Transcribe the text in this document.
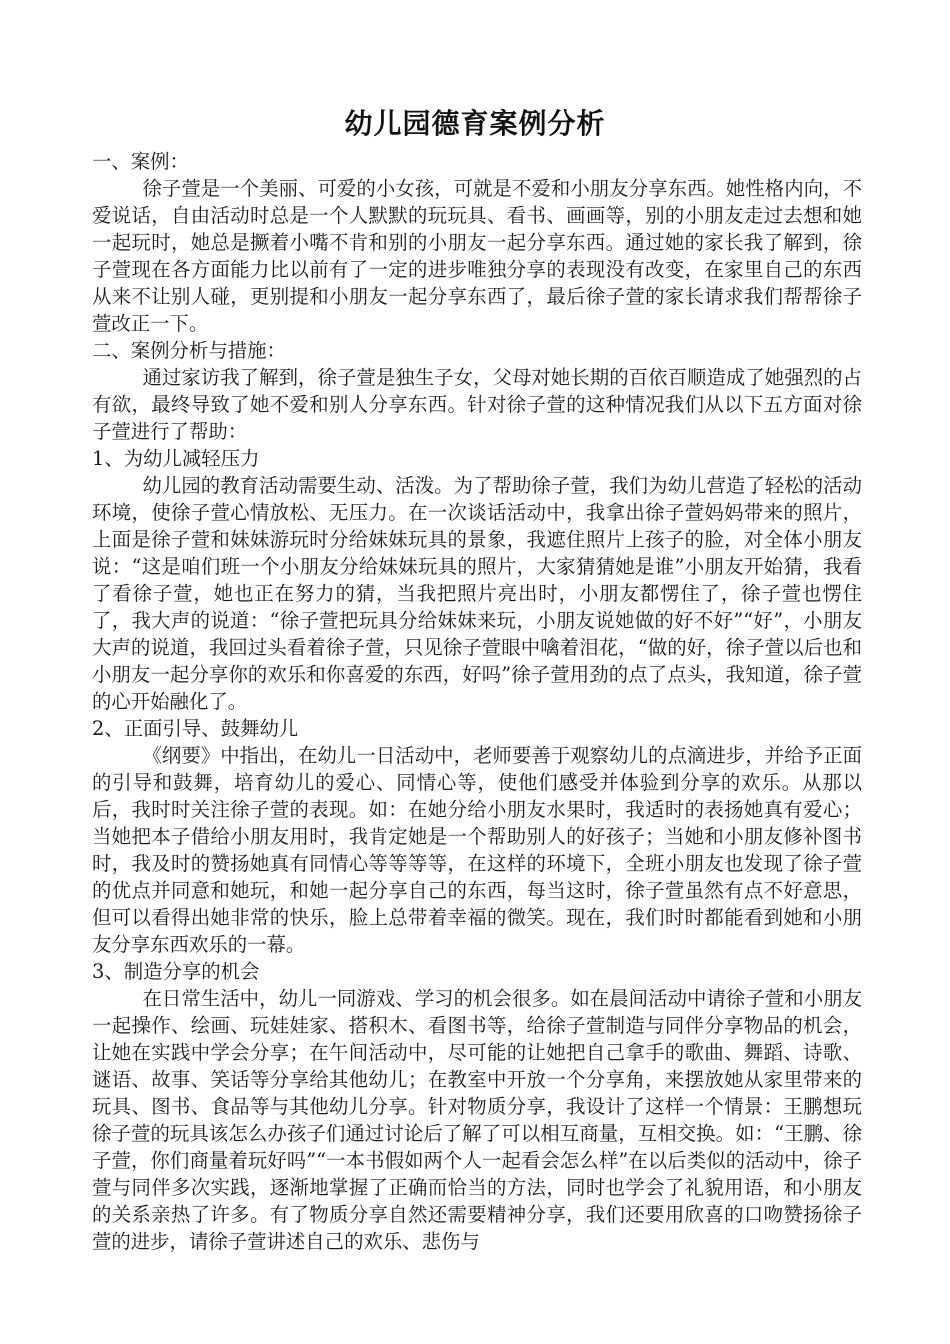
幼儿园德育案例分析

一、案例：

徐子萱是一个美丽、可爱的小女孩，可就是不爱和小朋友分享东西。她性格内向，不爱说话，自由活动时总是一个人默默的玩玩具、看书、画画等，别的小朋友走过去想和她一起玩时，她总是撅着小嘴不肯和别的小朋友一起分享东西。通过她的家长我了解到，徐子萱现在各方面能力比以前有了一定的进步唯独分享的表现没有改变，在家里自己的东西从来不让别人碰，更别提和小朋友一起分享东西了，最后徐子萱的家长请求我们帮帮徐子萱改正一下。

二、案例分析与措施：

通过家访我了解到，徐子萱是独生子女，父母对她长期的百依百顺造成了她强烈的占有欲，最终导致了她不爱和别人分享东西。针对徐子萱的这种情况我们从以下五方面对徐子萱进行了帮助：

1、为幼儿减轻压力

幼儿园的教育活动需要生动、活泼。为了帮助徐子萱，我们为幼儿营造了轻松的活动环境，使徐子萱心情放松、无压力。在一次谈话活动中，我拿出徐子萱妈妈带来的照片，上面是徐子萱和妹妹游玩时分给妹妹玩具的景象，我遮住照片上孩子的脸，对全体小朋友说：“这是咱们班一个小朋友分给妹妹玩具的照片，大家猜猜她是谁”小朋友开始猜，我看了看徐子萱，她也正在努力的猜，当我把照片亮出时，小朋友都愣住了，徐子萱也愣住了，我大声的说道：“徐子萱把玩具分给妹妹来玩，小朋友说她做的好不好”“好”，小朋友大声的说道，我回过头看着徐子萱，只见徐子萱眼中噙着泪花，“做的好，徐子萱以后也和小朋友一起分享你的欢乐和你喜爱的东西，好吗”徐子萱用劲的点了点头，我知道，徐子萱的心开始融化了。

2、正面引导、鼓舞幼儿

《纲要》中指出，在幼儿一日活动中，老师要善于观察幼儿的点滴进步，并给予正面的引导和鼓舞，培育幼儿的爱心、同情心等，使他们感受并体验到分享的欢乐。从那以后，我时时关注徐子萱的表现。如：在她分给小朋友水果时，我适时的表扬她真有爱心；当她把本子借给小朋友用时，我肯定她是一个帮助别人的好孩子；当她和小朋友修补图书时，我及时的赞扬她真有同情心等等等等，在这样的环境下，全班小朋友也发现了徐子萱的优点并同意和她玩，和她一起分享自己的东西，每当这时，徐子萱虽然有点不好意思，但可以看得出她非常的快乐，脸上总带着幸福的微笑。现在，我们时时都能看到她和小朋友分享东西欢乐的一幕。

3、制造分享的机会

在日常生活中，幼儿一同游戏、学习的机会很多。如在晨间活动中请徐子萱和小朋友一起操作、绘画、玩娃娃家、搭积木、看图书等，给徐子萱制造与同伴分享物品的机会，让她在实践中学会分享；在午间活动中，尽可能的让她把自己拿手的歌曲、舞蹈、诗歌、谜语、故事、笑话等分享给其他幼儿；在教室中开放一个分享角，来摆放她从家里带来的玩具、图书、食品等与其他幼儿分享。针对物质分享，我设计了这样一个情景：王鹏想玩徐子萱的玩具该怎么办孩子们通过讨论后了解了可以相互商量，互相交换。如：“王鹏、徐子萱，你们商量着玩好吗”“一本书假如两个人一起看会怎么样”在以后类似的活动中，徐子萱与同伴多次实践，逐渐地掌握了正确而恰当的方法，同时也学会了礼貌用语，和小朋友的关系亲热了许多。有了物质分享自然还需要精神分享，我们还要用欣喜的口吻赞扬徐子萱的进步，请徐子萱讲述自己的欢乐、悲伤与
